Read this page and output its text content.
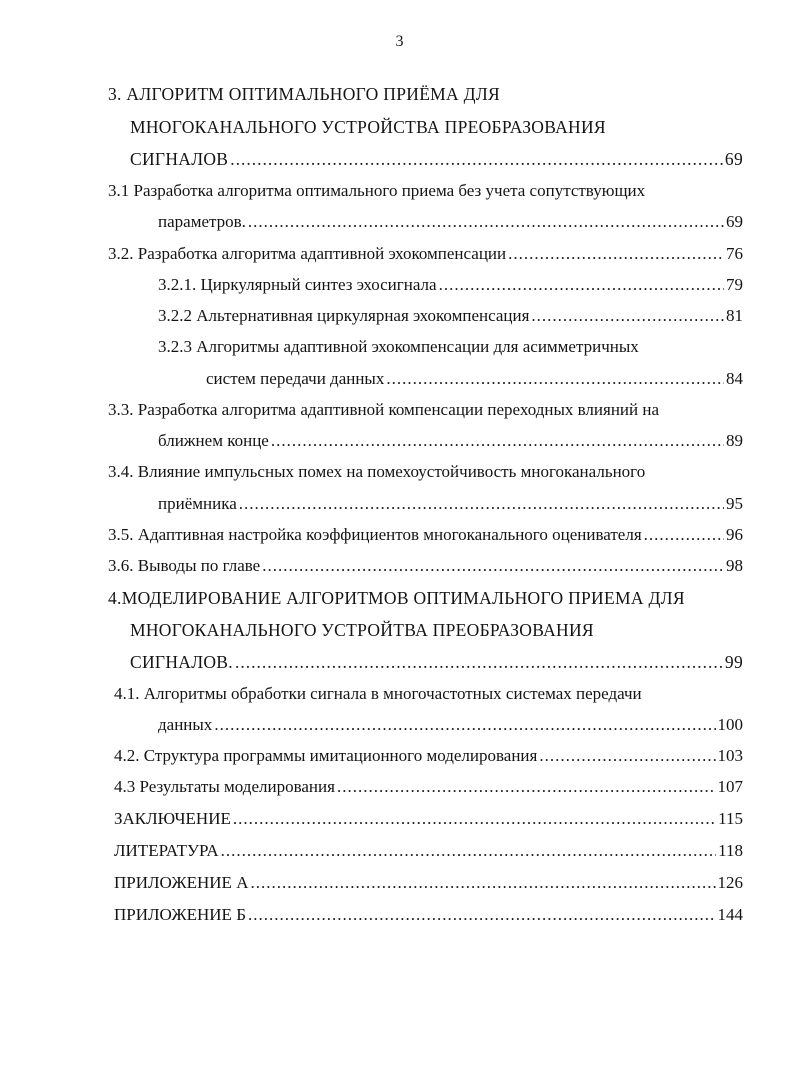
3
3. АЛГОРИТМ ОПТИМАЛЬНОГО ПРИЁМА ДЛЯ
МНОГОКАНАЛЬНОГО УСТРОЙСТВА ПРЕОБРАЗОВАНИЯ
СИГНАЛОВ .....	69
3.1 Разработка алгоритма оптимального приема без учета сопутствующих
параметров. .....	69
3.2. Разработка алгоритма адаптивной эхокомпенсации .....	76
3.2.1. Циркулярный синтез эхосигнала .....	79
3.2.2 Альтернативная циркулярная эхокомпенсация .....	81
3.2.3 Алгоритмы адаптивной эхокомпенсации для асимметричных
систем передачи данных .....	84
3.3. Разработка алгоритма адаптивной компенсации переходных влияний на
ближнем конце .....	89
3.4. Влияние импульсных помех на помехоустойчивость многоканального
приёмника .....	95
3.5. Адаптивная настройка коэффициентов многоканального оценивателя .....	96
3.6. Выводы по главе .....	98
4.МОДЕЛИРОВАНИЕ АЛГОРИТМОВ ОПТИМАЛЬНОГО ПРИЕМА ДЛЯ
МНОГОКАНАЛЬНОГО УСТРОЙТВА ПРЕОБРАЗОВАНИЯ
СИГНАЛОВ. .....	99
4.1. Алгоритмы обработки сигнала в многочастотных системах передачи
данных .....	100
4.2. Структура программы имитационного моделирования .....	103
4.3 Результаты моделирования .....	107
ЗАКЛЮЧЕНИЕ .....	115
ЛИТЕРАТУРА .....	118
ПРИЛОЖЕНИЕ А .....	126
ПРИЛОЖЕНИЕ Б .....	144
